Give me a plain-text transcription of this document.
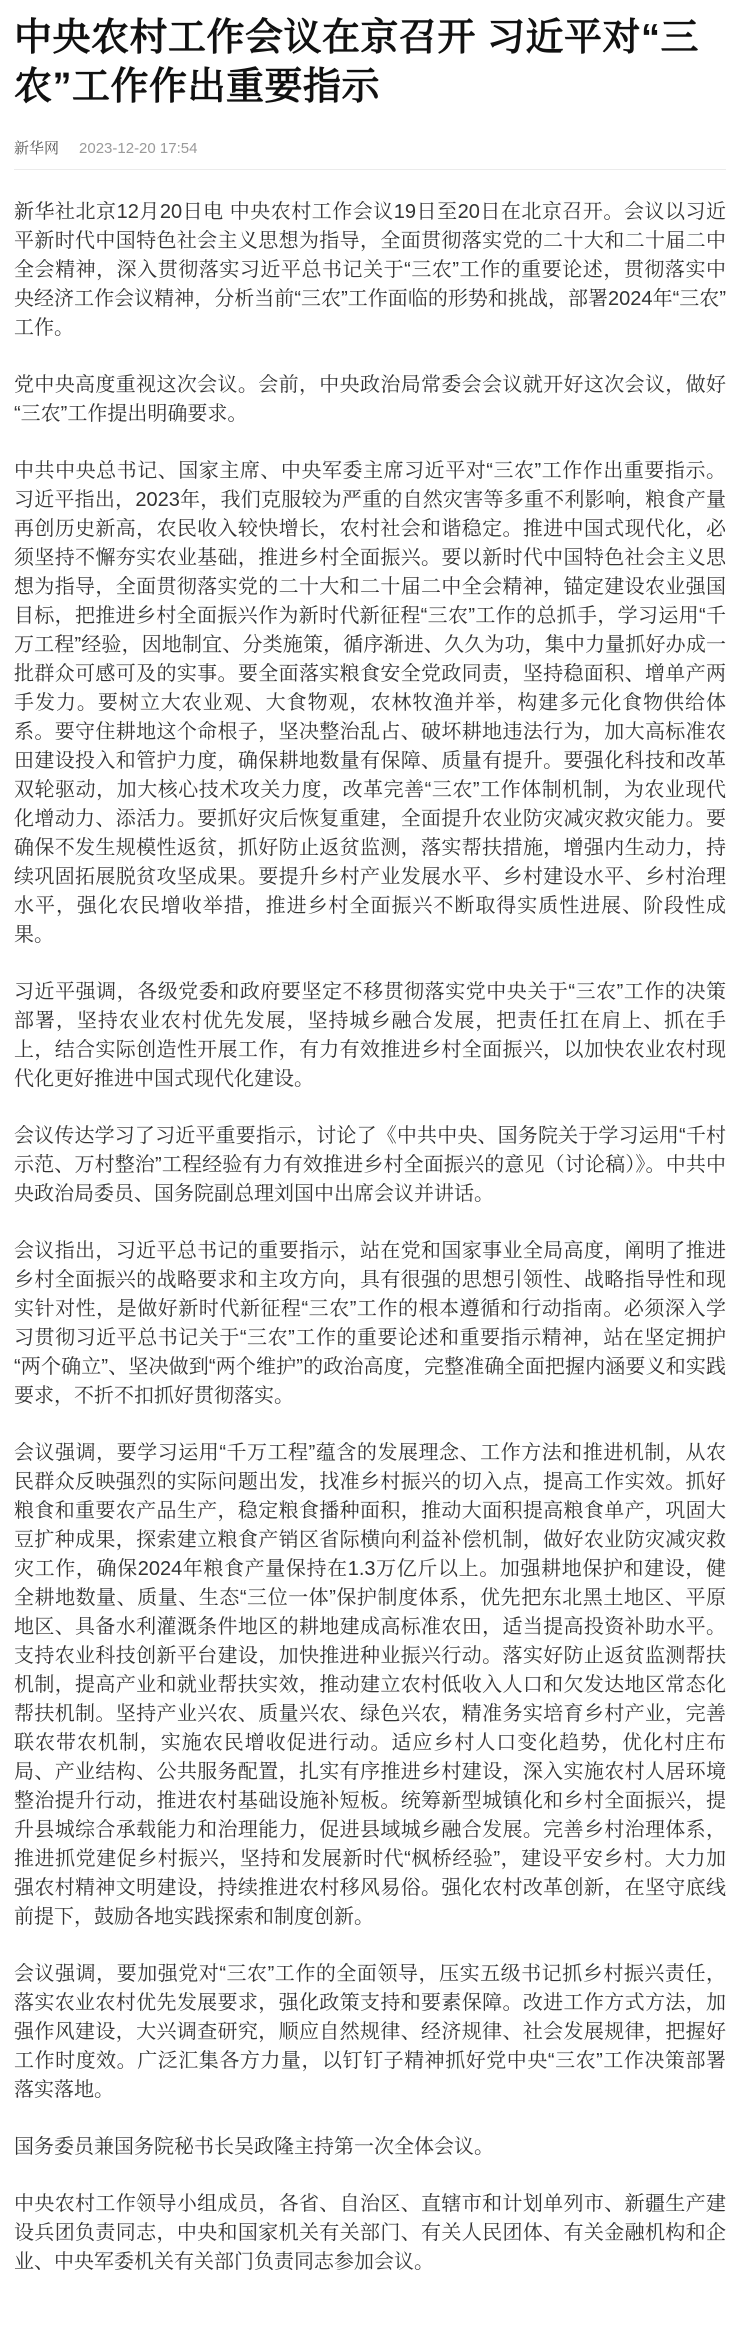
中央农村工作会议在京召开 习近平对“三农”工作作出重要指示
新华网 2023-12-20 17:54

新华社北京12月20日电 中央农村工作会议19日至20日在北京召开。会议以习近平新时代中国特色社会主义思想为指导，全面贯彻落实党的二十大和二十届二中全会精神，深入贯彻落实习近平总书记关于“三农”工作的重要论述，贯彻落实中央经济工作会议精神，分析当前“三农”工作面临的形势和挑战，部署2024年“三农”工作。

党中央高度重视这次会议。会前，中央政治局常委会会议就开好这次会议，做好“三农”工作提出明确要求。

中共中央总书记、国家主席、中央军委主席习近平对“三农”工作作出重要指示。习近平指出，2023年，我们克服较为严重的自然灾害等多重不利影响，粮食产量再创历史新高，农民收入较快增长，农村社会和谐稳定。推进中国式现代化，必须坚持不懈夯实农业基础，推进乡村全面振兴。要以新时代中国特色社会主义思想为指导，全面贯彻落实党的二十大和二十届二中全会精神，锚定建设农业强国目标，把推进乡村全面振兴作为新时代新征程“三农”工作的总抓手，学习运用“千万工程”经验，因地制宜、分类施策，循序渐进、久久为功，集中力量抓好办成一批群众可感可及的实事。要全面落实粮食安全党政同责，坚持稳面积、增单产两手发力。要树立大农业观、大食物观，农林牧渔并举，构建多元化食物供给体系。要守住耕地这个命根子，坚决整治乱占、破坏耕地违法行为，加大高标准农田建设投入和管护力度，确保耕地数量有保障、质量有提升。要强化科技和改革双轮驱动，加大核心技术攻关力度，改革完善“三农”工作体制机制，为农业现代化增动力、添活力。要抓好灾后恢复重建，全面提升农业防灾减灾救灾能力。要确保不发生规模性返贫，抓好防止返贫监测，落实帮扶措施，增强内生动力，持续巩固拓展脱贫攻坚成果。要提升乡村产业发展水平、乡村建设水平、乡村治理水平，强化农民增收举措，推进乡村全面振兴不断取得实质性进展、阶段性成果。

习近平强调，各级党委和政府要坚定不移贯彻落实党中央关于“三农”工作的决策部署，坚持农业农村优先发展，坚持城乡融合发展，把责任扛在肩上、抓在手上，结合实际创造性开展工作，有力有效推进乡村全面振兴，以加快农业农村现代化更好推进中国式现代化建设。

会议传达学习了习近平重要指示，讨论了《中共中央、国务院关于学习运用“千村示范、万村整治”工程经验有力有效推进乡村全面振兴的意见（讨论稿）》。中共中央政治局委员、国务院副总理刘国中出席会议并讲话。

会议指出，习近平总书记的重要指示，站在党和国家事业全局高度，阐明了推进乡村全面振兴的战略要求和主攻方向，具有很强的思想引领性、战略指导性和现实针对性，是做好新时代新征程“三农”工作的根本遵循和行动指南。必须深入学习贯彻习近平总书记关于“三农”工作的重要论述和重要指示精神，站在坚定拥护“两个确立”、坚决做到“两个维护”的政治高度，完整准确全面把握内涵要义和实践要求，不折不扣抓好贯彻落实。

会议强调，要学习运用“千万工程”蕴含的发展理念、工作方法和推进机制，从农民群众反映强烈的实际问题出发，找准乡村振兴的切入点，提高工作实效。抓好粮食和重要农产品生产，稳定粮食播种面积，推动大面积提高粮食单产，巩固大豆扩种成果，探索建立粮食产销区省际横向利益补偿机制，做好农业防灾减灾救灾工作，确保2024年粮食产量保持在1.3万亿斤以上。加强耕地保护和建设，健全耕地数量、质量、生态“三位一体”保护制度体系，优先把东北黑土地区、平原地区、具备水利灌溉条件地区的耕地建成高标准农田，适当提高投资补助水平。支持农业科技创新平台建设，加快推进种业振兴行动。落实好防止返贫监测帮扶机制，提高产业和就业帮扶实效，推动建立农村低收入人口和欠发达地区常态化帮扶机制。坚持产业兴农、质量兴农、绿色兴农，精准务实培育乡村产业，完善联农带农机制，实施农民增收促进行动。适应乡村人口变化趋势，优化村庄布局、产业结构、公共服务配置，扎实有序推进乡村建设，深入实施农村人居环境整治提升行动，推进农村基础设施补短板。统筹新型城镇化和乡村全面振兴，提升县城综合承载能力和治理能力，促进县域城乡融合发展。完善乡村治理体系，推进抓党建促乡村振兴，坚持和发展新时代“枫桥经验”，建设平安乡村。大力加强农村精神文明建设，持续推进农村移风易俗。强化农村改革创新，在坚守底线前提下，鼓励各地实践探索和制度创新。

会议强调，要加强党对“三农”工作的全面领导，压实五级书记抓乡村振兴责任，落实农业农村优先发展要求，强化政策支持和要素保障。改进工作方式方法，加强作风建设，大兴调查研究，顺应自然规律、经济规律、社会发展规律，把握好工作时度效。广泛汇集各方力量，以钉钉子精神抓好党中央“三农”工作决策部署落实落地。

国务委员兼国务院秘书长吴政隆主持第一次全体会议。

中央农村工作领导小组成员，各省、自治区、直辖市和计划单列市、新疆生产建设兵团负责同志，中央和国家机关有关部门、有关人民团体、有关金融机构和企业、中央军委机关有关部门负责同志参加会议。
